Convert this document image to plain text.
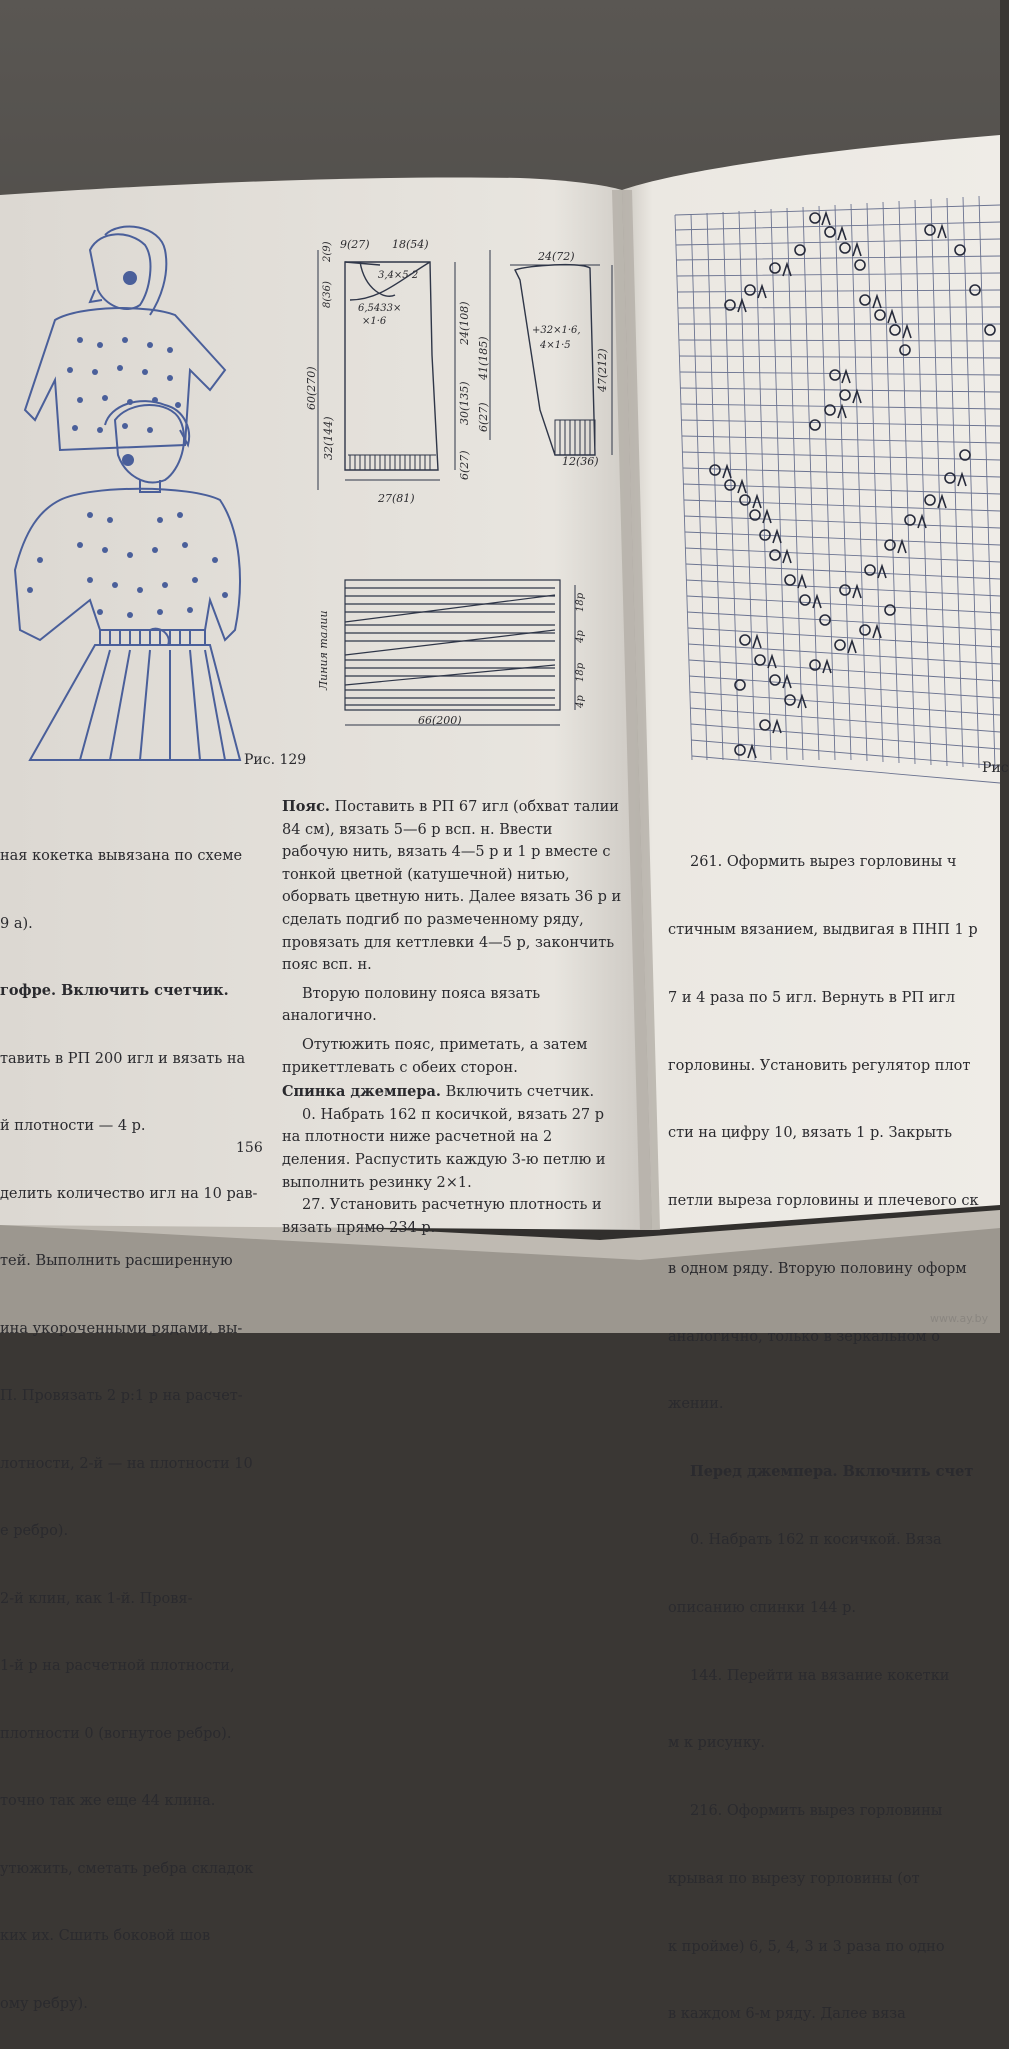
9(27) 18(54)
3,4×5·2
6,5433×
×1·6
2(9)
8(36)
60(270)
32(144)
24(108)
30(135)
6(27)
27(81)
24(72)
+32×1·6,
4×1·5
41(185)	47(212)
6(27)
12(36)
Линия талии
18р
4р
18р
4р
66(200)
Рис. 129	Рис

ная кокетка вывязана по схеме

9 а).

гофре. Включить счетчик.

тавить в РП 200 игл и вязать на

й плотности — 4 р.

делить количество игл на 10 рав-

тей. Выполнить расширенную

ина укороченными рядами, вы-

П. Провязать 2 р:1 р на расчет-

лотности, 2-й — на плотности 10

е ребро).

2-й клин, как 1-й. Провя-

1-й р на расчетной плотности,

плотности 0 (вогнутое ребро).

точно так же еще 44 клина.

утюжить, сметать ребра складок

ких их. Сшить боковой шов

ому ребру).

Пояс. Поставить в РП 67 игл (обхват талии 84 см), вязать 5—6 р всп. н. Ввести рабочую нить, вязать 4—5 р и 1 р вместе с тонкой цветной (катушечной) нитью, оборвать цветную нить. Далее вязать 36 р и сделать подгиб по размеченному ряду, провязать для кеттлевки 4—5 р, закончить пояс всп. н.

Вторую половину пояса вязать аналогично.

Отутюжить пояс, приметать, а затем прикеттлевать с обеих сторон.

Спинка джемпера. Включить счетчик.

0. Набрать 162 п косичкой, вязать 27 р на плотности ниже расчетной на 2 деления. Распустить каждую 3-ю петлю и выполнить резинку 2×1.

27. Установить расчетную плотность и вязать прямо 234 р.

156

261. Оформить вырез горловины ч

стичным вязанием, выдвигая в ПНП 1 р

7 и 4 раза по 5 игл. Вернуть в РП игл

горловины. Установить регулятор плот

сти на цифру 10, вязать 1 р. Закрыть

петли выреза горловины и плечевого ск

в одном ряду. Вторую половину оформ

аналогично, только в зеркальном о

жении.

Перед джемпера. Включить счет

0. Набрать 162 п косичкой. Вяза

описанию спинки 144 р.

144. Перейти на вязание кокетки

м к рисунку.

216. Оформить вырез горловины

крывая по вырезу горловины (от

к пройме) 6, 5, 4, 3 и 3 раза по одно

в каждом 6-м ряду. Далее вяза

www.ay.by
